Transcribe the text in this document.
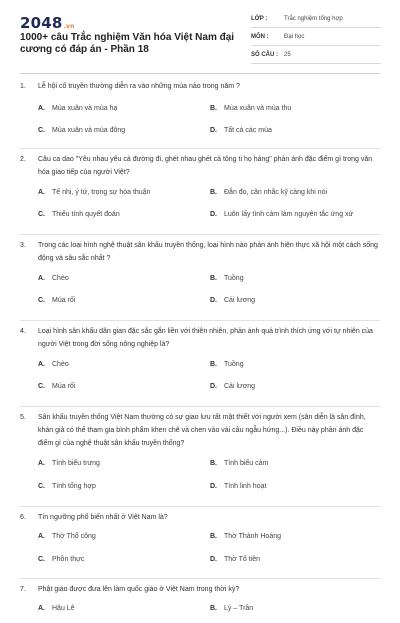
2048.vn
1000+ câu Trắc nghiệm Văn hóa Việt Nam đại cương có đáp án - Phần 18
LỚP :	Trắc nghiệm tổng hợp
MÔN :	Đại học
SỐ CÂU : 25
1. Lễ hội cổ truyền thường diễn ra vào những mùa nào trong năm ?
A. Mùa xuân và mùa hạ	B. Mùa xuân và mùa thu
C. Mùa xuân và mùa đông	D. Tất cả các mùa
2. Câu ca dao "Yêu nhau yêu cả đường đi, ghét nhau ghét cả tông ti họ hàng" phản ánh đặc điểm gì trong văn hóa giao tiếp của người Việt?
A. Tế nhị, ý tứ, trọng sự hòa thuận	B. Đắn đo, cân nhắc kỹ càng khi nói
C. Thiếu tính quyết đoán	D. Luôn lấy tình cảm làm nguyên tắc ứng xử
3. Trong các loại hình nghệ thuật sân khấu truyền thống, loại hình nào phản ánh hiện thực xã hội một cách sống động và sâu sắc nhất ?
A. Chèo	B. Tuồng
C. Múa rối	D. Cải lương
4. Loại hình sân khấu dân gian đặc sắc gắn liền với thiên nhiên, phản ánh quá trình thích ứng với tự nhiên của người Việt trong đời sống nông nghiệp là?
A. Chèo	B. Tuồng
C. Múa rối	D. Cải lương
5. Sân khấu truyền thống Việt Nam thường có sự giao lưu rất mật thiết với người xem (sân diễn là sân đình, khán giả có thể tham gia bình phẩm khen chê và chen vào vài câu ngẫu hứng...). Điều này phản ánh đặc điểm gì của nghệ thuật sân khấu truyền thống?
A. Tính biểu trưng	B. Tính biểu cảm
C. Tính tổng hợp	D. Tính linh hoạt
6. Tín ngưỡng phổ biến nhất ở Việt Nam là?
A. Thờ Thổ công	B. Thờ Thành Hoàng
C. Phồn thực	D. Thờ Tổ tiên
7. Phật giáo được đưa lên làm quốc giáo ở Việt Nam trong thời kỳ?
A. Hậu Lê	B. Lý – Trần
